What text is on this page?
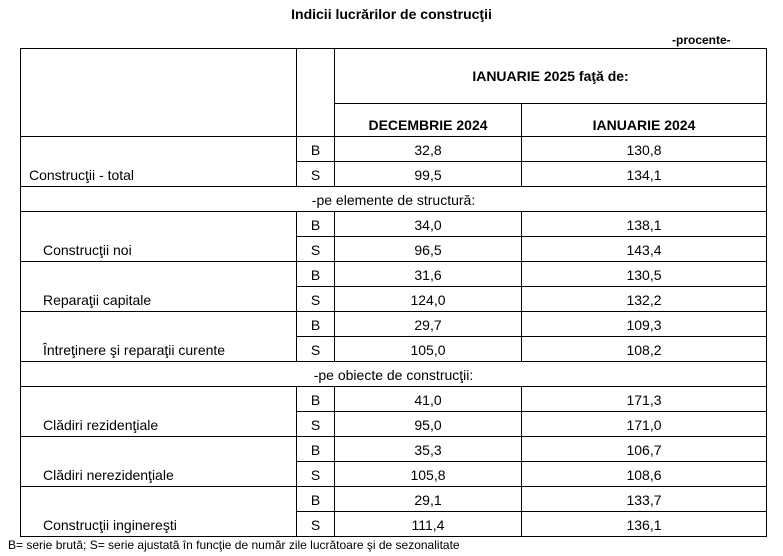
Indicii lucrărilor de construcţii
-procente-
		IANUARIE 2025 faţă de:	
		DECEMBRIE 2024	IANUARIE 2024
Construcţii - total	B	32,8	130,8
	S	99,5	134,1
-pe elemente de structură:			
Construcţii noi	B	34,0	138,1
	S	96,5	143,4
Reparaţii capitale	B	31,6	130,5
	S	124,0	132,2
Întreţinere şi reparaţii curente	B	29,7	109,3
	S	105,0	108,2
-pe obiecte de construcţii:			
Clădiri rezidenţiale	B	41,0	171,3
	S	95,0	171,0
Clădiri nerezidenţiale	B	35,3	106,7
	S	105,8	108,6
Construcţii inginereşti	B	29,1	133,7
	S	111,4	136,1
B= serie brută; S= serie ajustată în funcţie de număr zile lucrătoare şi de sezonalitate
